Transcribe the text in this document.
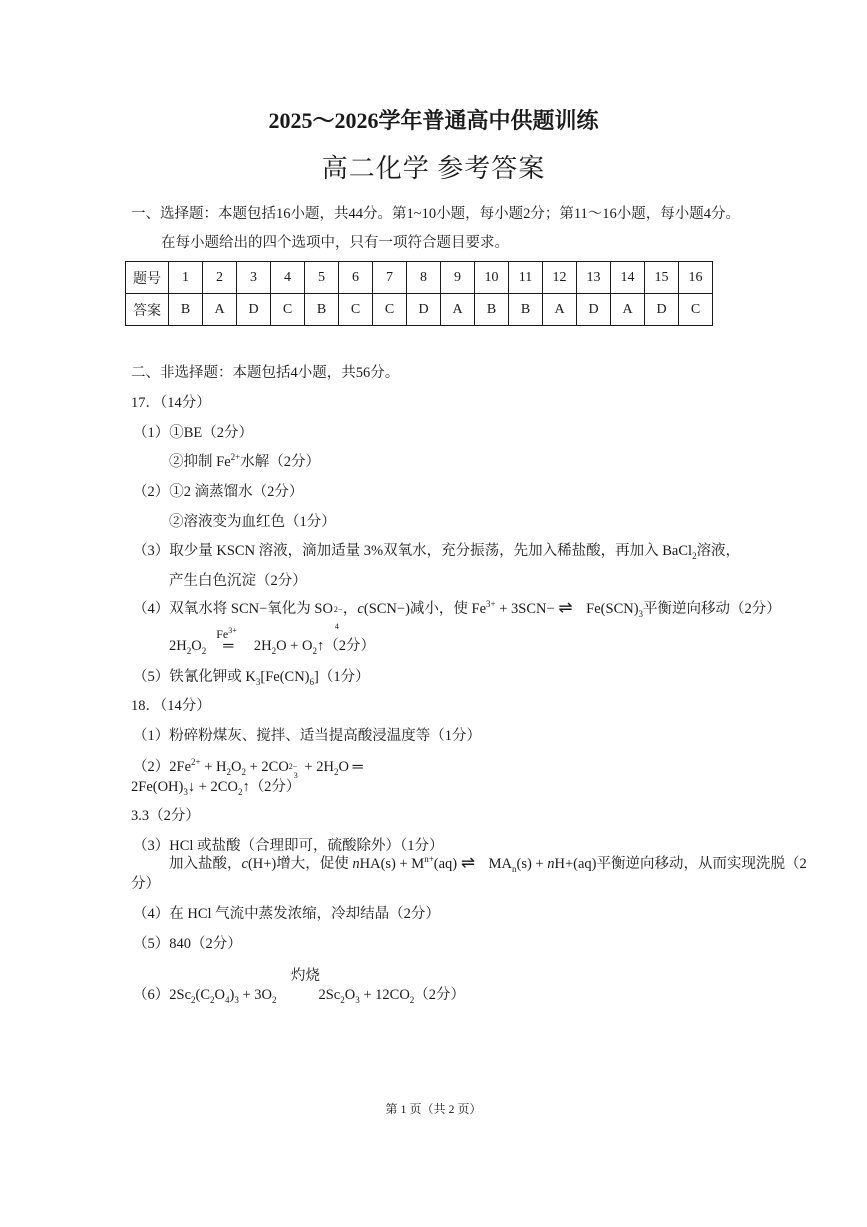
2025～2026学年普通高中供题训练
高二化学 参考答案
一、选择题：本题包括16小题，共44分。第1~10小题，每小题2分；第11～16小题，每小题4分。
在每小题给出的四个选项中，只有一项符合题目要求。
题号	1	2	3	4	5	6	7	8	9	10	11	12	13	14	15	16
答案	B	A	D	C	B	C	C	D	A	B	B	A	D	A	D	C
二、非选择题：本题包括4小题，共56分。
17．（14分）
（1）①BE（2分）
②抑制 $Fe^{2+}$水解（2分）
（2）①2 滴蒸馏水（2分）
②溶液变为血红色（1分）
（3）取少量 KSCN 溶液，滴加适量 3%双氧水，充分振荡，先加入稀盐酸，再加入 BaCl$_2$溶液，
产生白色沉淀（2分）
（4）双氧水将 SCN−氧化为 SO 2−
4
，c(SCN−)减小，使 $Fe^{3+} + 3SCN-$ ⇌ $Fe(SCN)_3$平衡逆向移动（2分）
$2H_2O_2$
$Fe^{3+}$
═ $2H_2O$ + $O_2↑(2$分）
（5）铁氰化钾或 $K_3[Fe(CN)_6](1$分）
18．（14分）
（1）粉碎粉煤灰、搅拌、适当提高酸浸温度等（1分）
$(2)2Fe^{2+} + H_2O_2 + 2CO$ 2−
3
+ $2H_2O$ ═
$2Fe(OH)_3↓$ + $2CO_2↑(2$分）
3.3（2分）
（3）HCl 或盐酸（合理即可，硫酸除外）（1分）
加入盐酸，c(H+)增大，促使 $nHA(s) + M^{n+}(aq)$ ⇌ $MA_n(s) + nH+(aq)$平衡逆向移动，从而实现洗脱（2
分）
（4）在 HCl 气流中蒸发浓缩，冷却结晶（2分）
（5）840（2分）
灼烧
$(6)2Sc_2(C_2O_4)_3 + 3O_2$	$2Sc_2O_3 + 12CO_2(2$分）
第 1 页（共 2 页）
